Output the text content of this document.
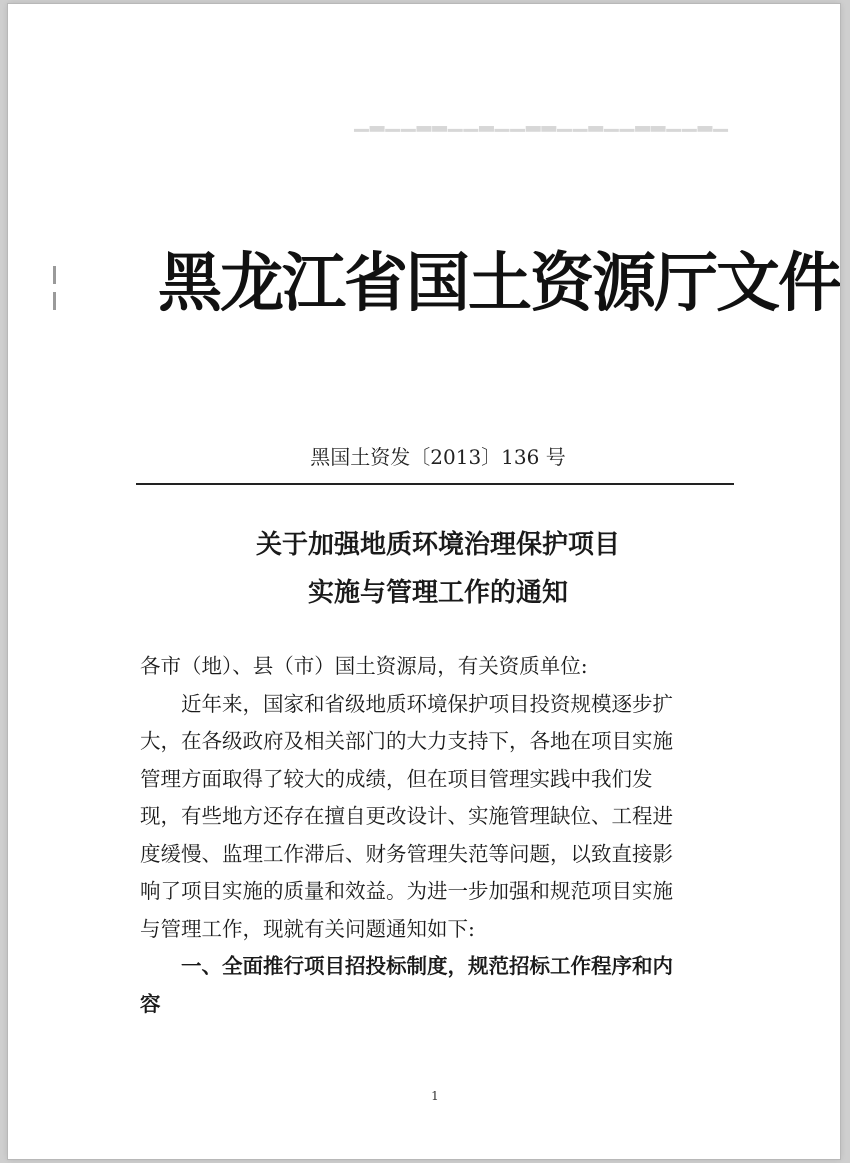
▁▂▁▁▂▂▁▁▂▁▁▂▂▁▁▂▁▁▂▂▁▁▂▁
黑龙江省国土资源厅文件
黑国土资发〔2013〕136 号
关于加强地质环境治理保护项目
实施与管理工作的通知
各市（地）、县（市）国土资源局，有关资质单位:
近年来，国家和省级地质环境保护项目投资规模逐步扩
大，在各级政府及相关部门的大力支持下，各地在项目实施
管理方面取得了较大的成绩，但在项目管理实践中我们发
现，有些地方还存在擅自更改设计、实施管理缺位、工程进
度缓慢、监理工作滞后、财务管理失范等问题，以致直接影
响了项目实施的质量和效益。为进一步加强和规范项目实施
与管理工作，现就有关问题通知如下:
一、全面推行项目招投标制度，规范招标工作程序和内
容
1
